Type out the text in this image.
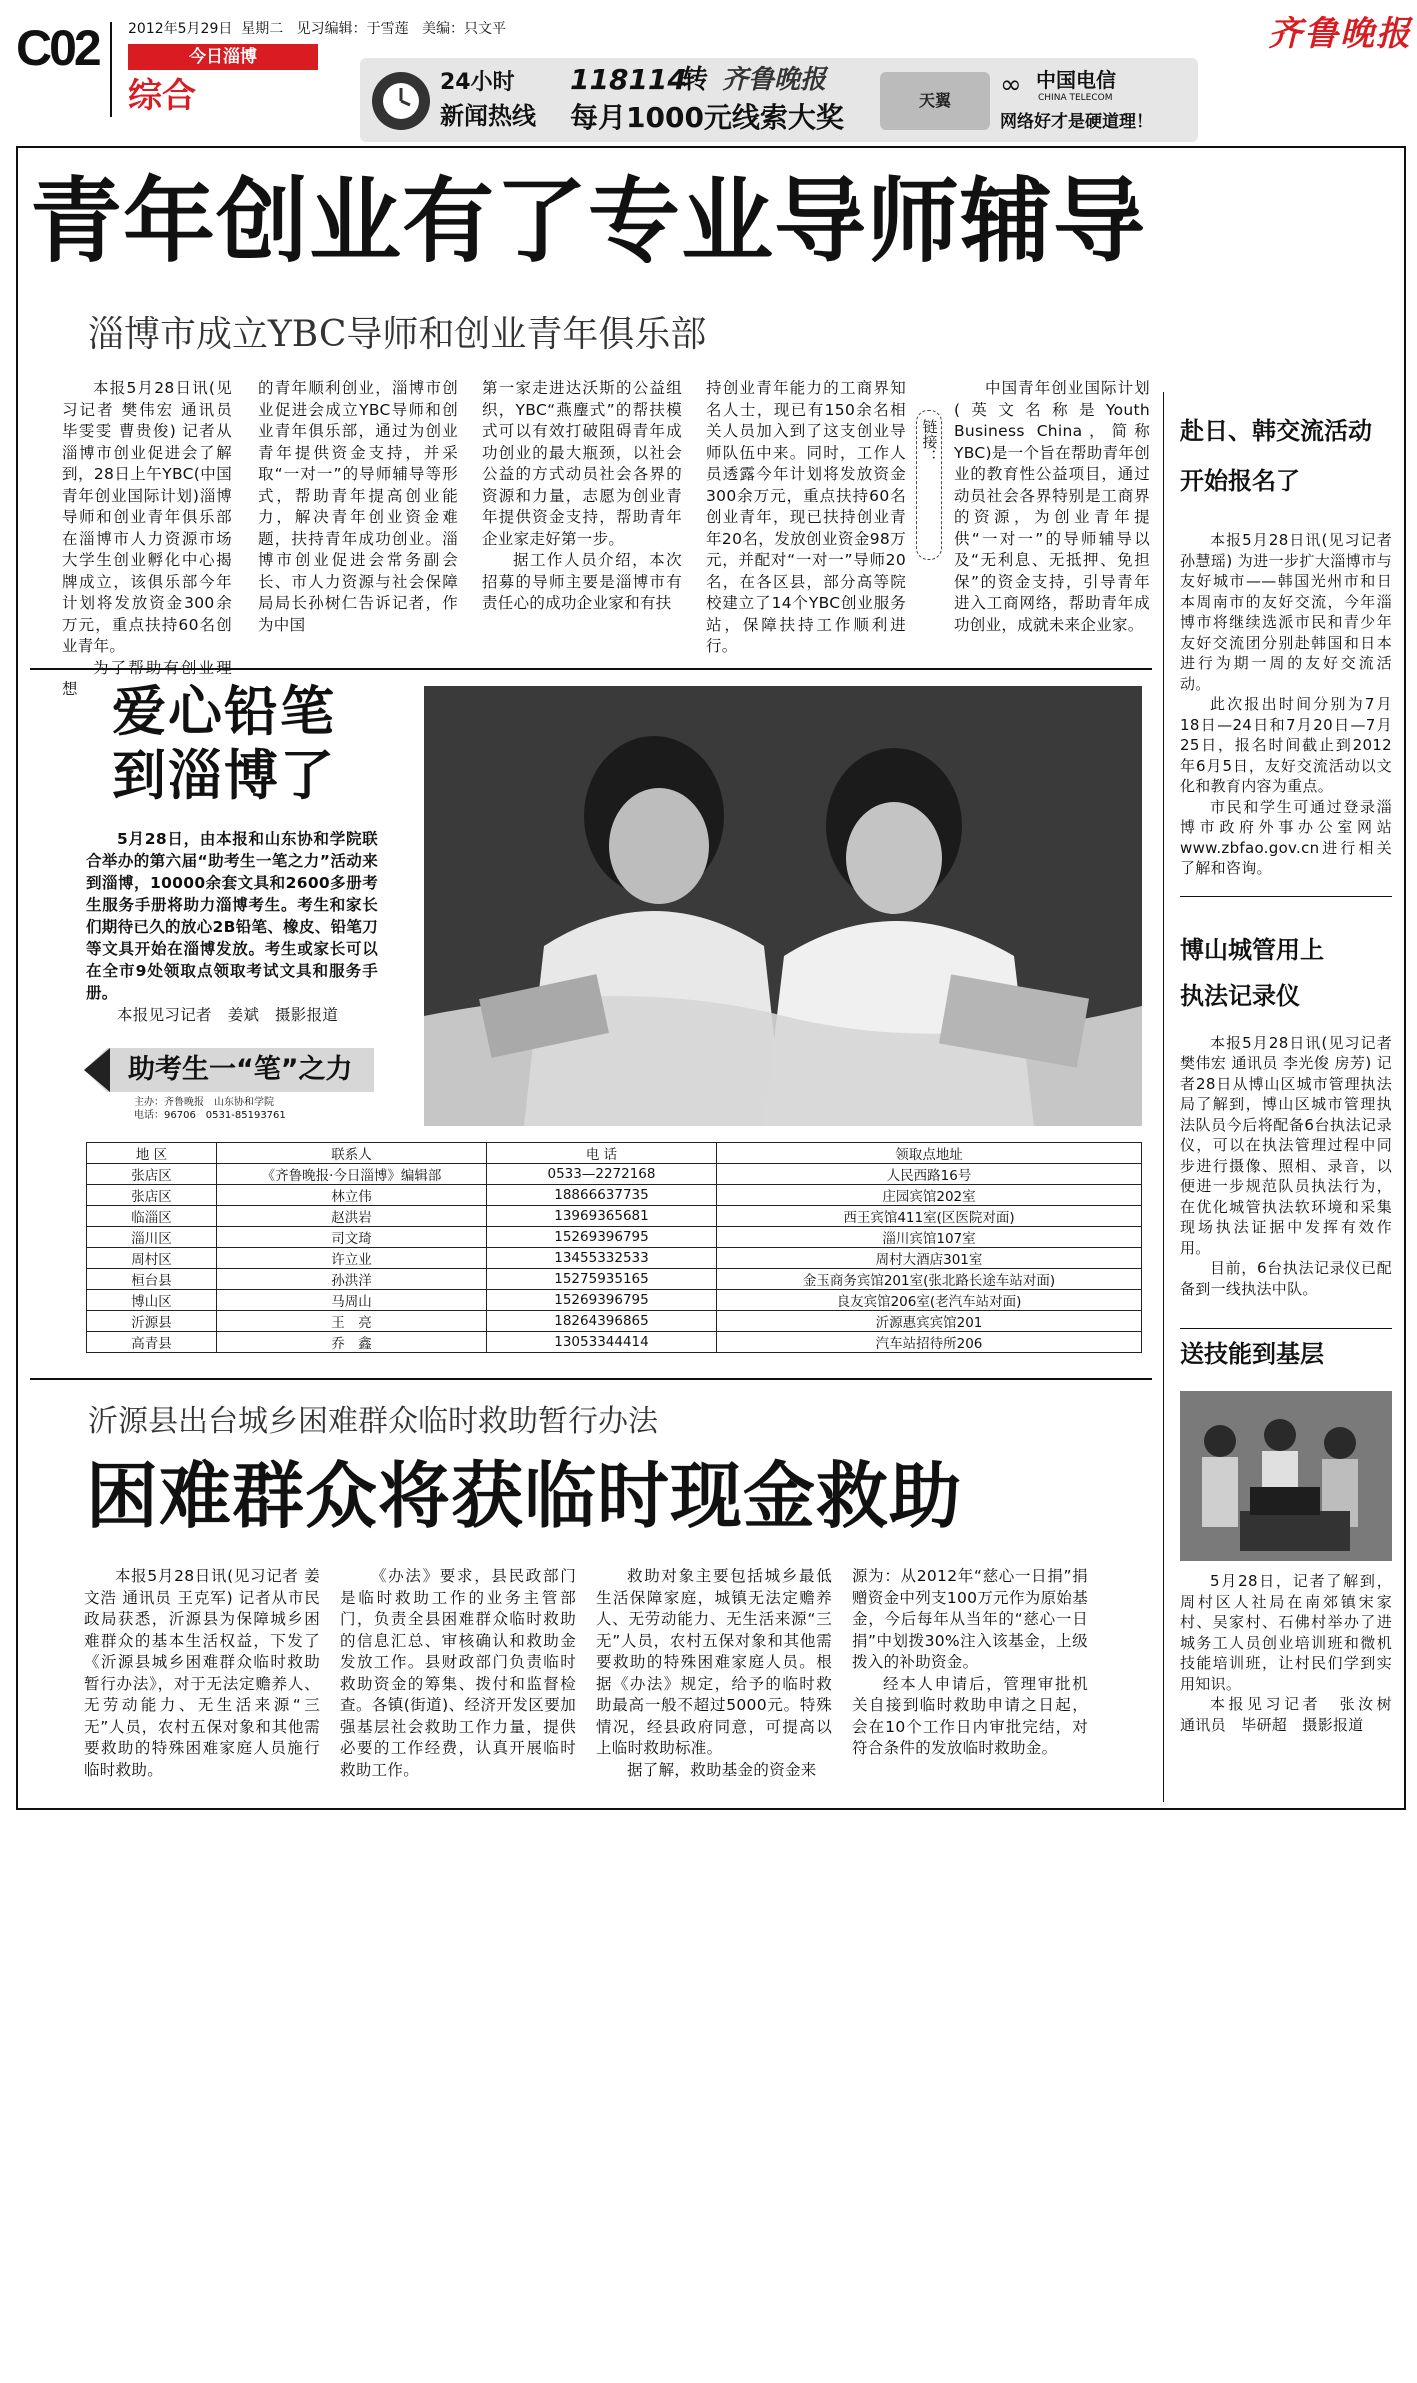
C02 2012年5月29日 星期二 见习编辑：于雪莲 美编：只文平
今日淄博
综合	24小时
新闻热线
118114
转 齐鲁晚报
每月1000元线索大奖
天翼
∞ 中国电信
CHINA TELECOM
网络好才是硬道理！
齐鲁晚报
青年创业有了专业导师辅导
淄博市成立YBC导师和创业青年俱乐部

本报5月28日讯(见习记者 樊伟宏 通讯员 毕雯雯 曹贵俊) 记者从淄博市创业促进会了解到，28日上午YBC(中国青年创业国际计划)淄博导师和创业青年俱乐部在淄博市人力资源市场大学生创业孵化中心揭牌成立，该俱乐部今年计划将发放资金300余万元，重点扶持60名创业青年。

想

的青年顺利创业，淄博市创业促进会成立YBC导师和创业青年俱乐部，通过为创业青年提供资金支持，并采取“一对一”的导师辅导等形式，帮助青年提高创业能力，解决青年创业资金难题，扶持青年成功创业。淄博市创业促进会常务副会长、市人力资源与社会保障局局长孙树仁告诉记者，作为中国

第一家走进达沃斯的公益组织，YBC“燕麈式”的帮扶模式可以有效打破阻碍青年成功创业的最大瓶颈，以社会公益的方式动员社会各界的资源和力量，志愿为创业青年提供资金支持，帮助青年企业家走好第一步。

据工作人员介绍，本次招募的导师主要是淄博市有责任心的成功企业家和有扶

持创业青年能力的工商界知名人士，现已有150余名相关人员加入到了这支创业导师队伍中来。同时，工作人员透露今年计划将发放资金300余万元，重点扶持60名创业青年，现已扶持创业青年20名，发放创业资金98万元，并配对“一对一”导师20名，在各区县，部分高等院校建立了14个YBC创业服务站，保障扶持工作顺利进行。

链接：

中国青年创业国际计划(英文名称是Youth Business China，简称YBC)是一个旨在帮助青年创业的教育性公益项目，通过动员社会各界特别是工商界的资源，为创业青年提供“一对一”的导师辅导以及“无利息、无抵押、免担保”的资金支持，引导青年进入工商网络，帮助青年成功创业，成就未来企业家。

爱心铅笔
到淄博了

5月28日，由本报和山东协和学院联合举办的第六届“助考生一笔之力”活动来到淄博，10000余套文具和2600多册考生服务手册将助力淄博考生。考生和家长们期待已久的放心2B铅笔、橡皮、铅笔刀等文具开始在淄博发放。考生或家长可以在全市9处领取点领取考试文具和服务手册。

本报见习记者　姜斌　摄影报道

助考生一“笔”之力
主办：齐鲁晚报　山东协和学院
电话：96706　0531-85193761
地 区	联系人	电 话	领取点地址
张店区	《齐鲁晚报·今日淄博》编辑部	0533—2272168	人民西路16号
张店区	林立伟	18866637735	庄园宾馆202室
临淄区	赵洪岩	13969365681	西王宾馆411室(区医院对面)
淄川区	司文琦	15269396795	淄川宾馆107室
周村区	许立业	13455332533	周村大酒店301室
桓台县	孙洪洋	15275935165	金玉商务宾馆201室(张北路长途车站对面)
博山区	马周山	15269396795	良友宾馆206室(老汽车站对面)
沂源县	王　亮	18264396865	沂源惠宾宾馆201
高青县	乔　鑫	13053344414	汽车站招待所206
沂源县出台城乡困难群众临时救助暂行办法
困难群众将获临时现金救助

本报5月28日讯(见习记者 姜文浩 通讯员 王克军) 记者从市民政局获悉，沂源县为保障城乡困难群众的基本生活权益，下发了《沂源县城乡困难群众临时救助暂行办法》，对于无法定赡养人、无劳动能力、无生活来源“三无”人员，农村五保对象和其他需要救助的特殊困难家庭人员施行临时救助。

《办法》要求，县民政部门是临时救助工作的业务主管部门，负责全县困难群众临时救助的信息汇总、审核确认和救助金发放工作。县财政部门负责临时救助资金的筹集、拨付和监督检查。各镇(街道)、经济开发区要加强基层社会救助工作力量，提供必要的工作经费，认真开展临时救助工作。

救助对象主要包括城乡最低生活保障家庭，城镇无法定赡养人、无劳动能力、无生活来源“三无”人员，农村五保对象和其他需要救助的特殊困难家庭人员。根据《办法》规定，给予的临时救助最高一般不超过5000元。特殊情况，经县政府同意，可提高以上临时救助标准。

据了解，救助基金的资金来

源为：从2012年“慈心一日捐”捐赠资金中列支100万元作为原始基金，今后每年从当年的“慈心一日捐”中划拨30%注入该基金，上级拨入的补助资金。

经本人申请后，管理审批机关自接到临时救助申请之日起，会在10个工作日内审批完结，对符合条件的发放临时救助金。

赴日、韩交流活动
开始报名了

本报5月28日讯(见习记者 孙慧瑶) 为进一步扩大淄博市与友好城市——韩国光州市和日本周南市的友好交流，今年淄博市将继续选派市民和青少年友好交流团分别赴韩国和日本进行为期一周的友好交流活动。

此次报出时间分别为7月18日—24日和7月20日—7月25日，报名时间截止到2012年6月5日，友好交流活动以文化和教育内容为重点。

市民和学生可通过登录淄博市政府外事办公室网站www.zbfao.gov.cn进行相关了解和咨询。

博山城管用上
执法记录仪

本报5月28日讯(见习记者 樊伟宏 通讯员 李光俊 房芳) 记者28日从博山区城市管理执法局了解到，博山区城市管理执法队员今后将配备6台执法记录仪，可以在执法管理过程中同步进行摄像、照相、录音，以便进一步规范队员执法行为，在优化城管执法软环境和采集现场执法证据中发挥有效作用。

目前，6台执法记录仪已配备到一线执法中队。

送技能到基层

5月28日，记者了解到，周村区人社局在南郊镇宋家村、吴家村、石佛村举办了进城务工人员创业培训班和微机技能培训班，让村民们学到实用知识。

本报见习记者　张汝树　通讯员　毕研超　摄影报道
